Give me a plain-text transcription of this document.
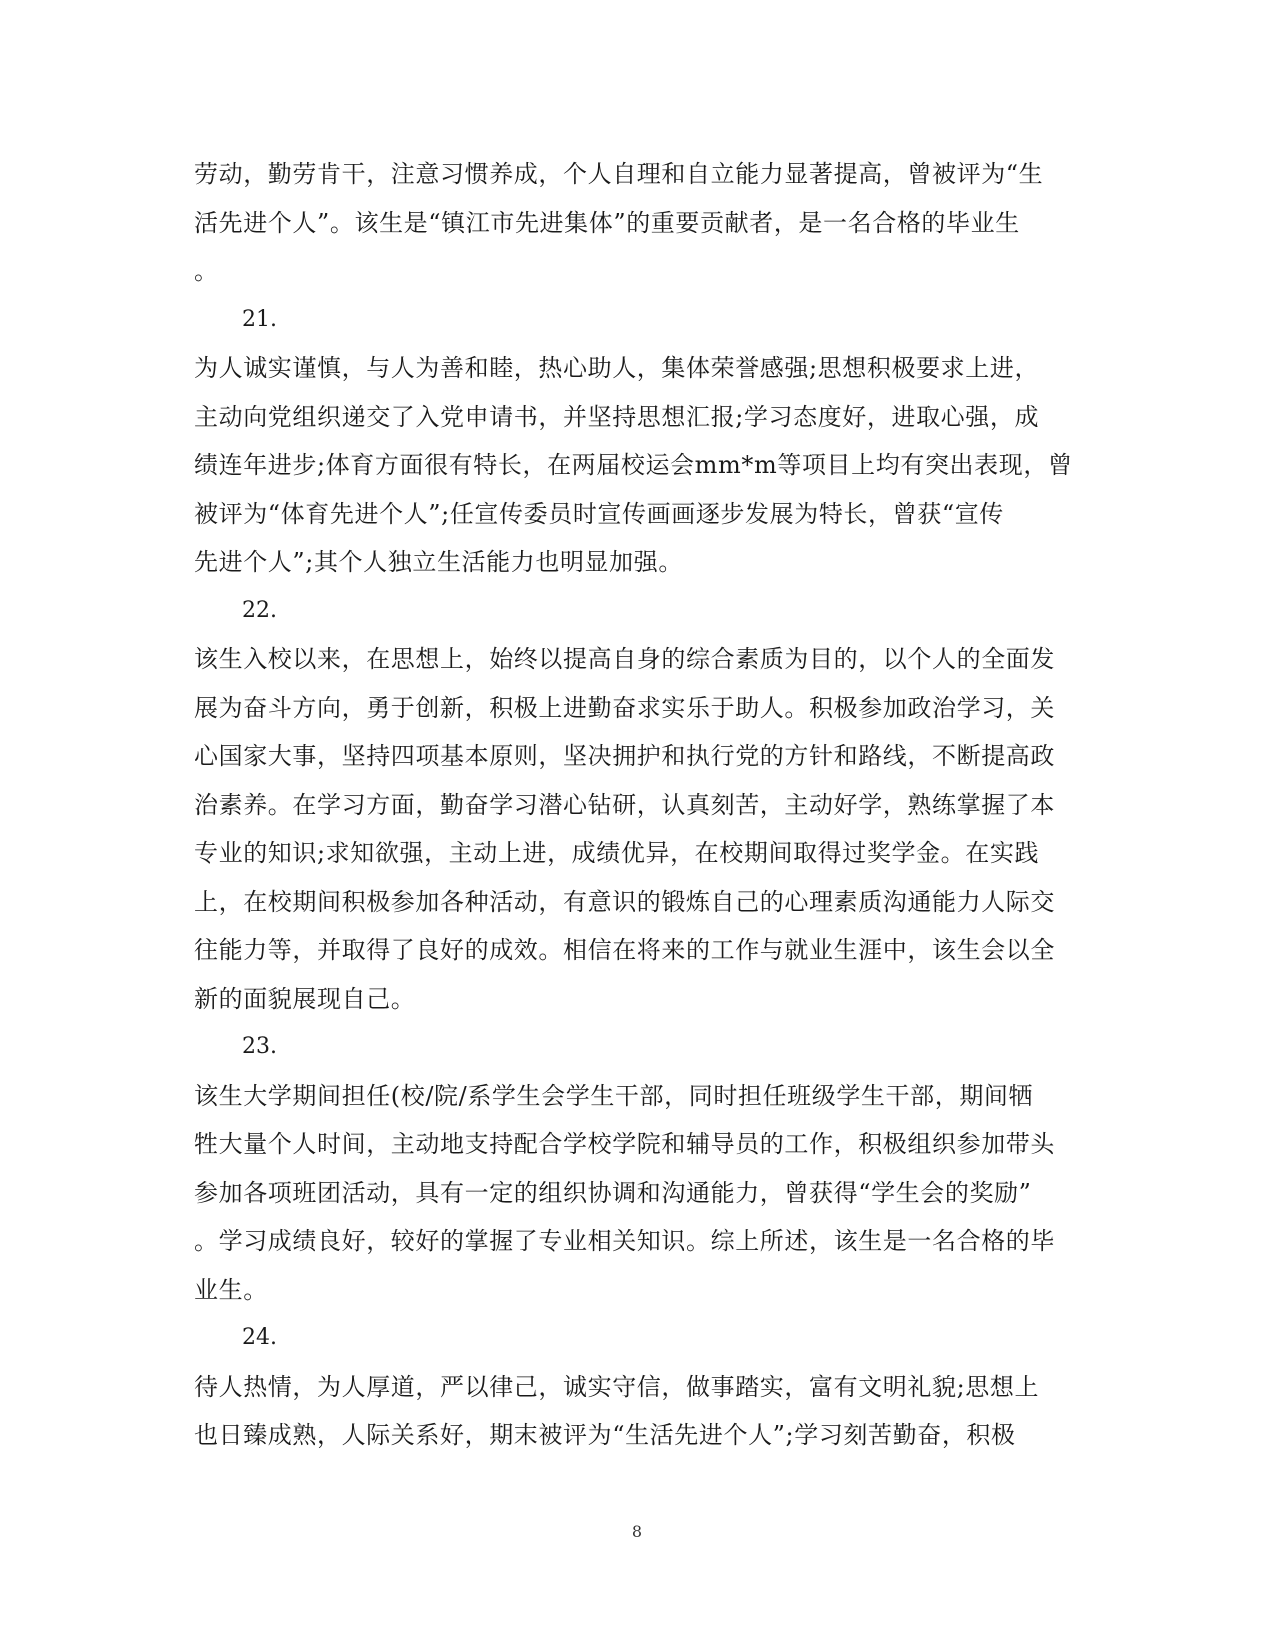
劳动，勤劳肯干，注意习惯养成，个人自理和自立能力显著提高，曾被评为“生

活先进个人”。该生是“镇江市先进集体”的重要贡献者，是一名合格的毕业生

。

21.

为人诚实谨慎，与人为善和睦，热心助人，集体荣誉感强;思想积极要求上进，

主动向党组织递交了入党申请书，并坚持思想汇报;学习态度好，进取心强，成

绩连年进步;体育方面很有特长，在两届校运会mm*m等项目上均有突出表现，曾

被评为“体育先进个人”;任宣传委员时宣传画画逐步发展为特长，曾获“宣传

先进个人”;其个人独立生活能力也明显加强。

22.

该生入校以来，在思想上，始终以提高自身的综合素质为目的，以个人的全面发

展为奋斗方向，勇于创新，积极上进勤奋求实乐于助人。积极参加政治学习，关

心国家大事，坚持四项基本原则，坚决拥护和执行党的方针和路线，不断提高政

治素养。在学习方面，勤奋学习潜心钻研，认真刻苦，主动好学，熟练掌握了本

专业的知识;求知欲强，主动上进，成绩优异，在校期间取得过奖学金。在实践

上，在校期间积极参加各种活动，有意识的锻炼自己的心理素质沟通能力人际交

往能力等，并取得了良好的成效。相信在将来的工作与就业生涯中，该生会以全

新的面貌展现自己。

23.

该生大学期间担任(校/院/系学生会学生干部，同时担任班级学生干部，期间牺

牲大量个人时间，主动地支持配合学校学院和辅导员的工作，积极组织参加带头

参加各项班团活动，具有一定的组织协调和沟通能力，曾获得“学生会的奖励”

。学习成绩良好，较好的掌握了专业相关知识。综上所述，该生是一名合格的毕

业生。

24.

待人热情，为人厚道，严以律己，诚实守信，做事踏实，富有文明礼貌;思想上

也日臻成熟，人际关系好，期末被评为“生活先进个人”;学习刻苦勤奋，积极

8
